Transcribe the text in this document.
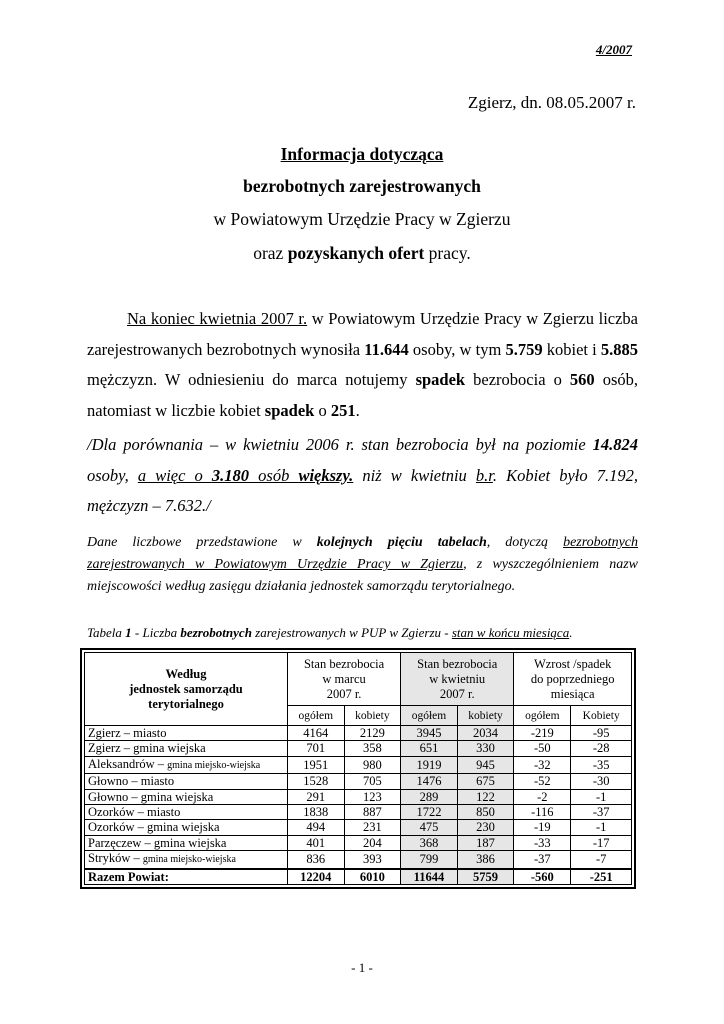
4/2007
Zgierz, dn. 08.05.2007 r.
Informacja dotycząca
bezrobotnych zarejestrowanych
w Powiatowym Urzędzie Pracy w Zgierzu
oraz pozyskanych ofert pracy.
Na koniec kwietnia 2007 r. w Powiatowym Urzędzie Pracy w Zgierzu liczba zarejestrowanych bezrobotnych wynosiła 11.644 osoby, w tym 5.759 kobiet i 5.885 mężczyzn. W odniesieniu do marca notujemy spadek bezrobocia o 560 osób, natomiast w liczbie kobiet spadek o 251.
/Dla porównania – w kwietniu 2006 r. stan bezrobocia był na poziomie 14.824 osoby, a więc o 3.180 osób większy. niż w kwietniu b.r. Kobiet było 7.192, mężczyzn – 7.632./
Dane liczbowe przedstawione w kolejnych pięciu tabelach, dotyczą bezrobotnych zarejestrowanych w Powiatowym Urzędzie Pracy w Zgierzu, z wyszczególnieniem nazw miejscowości według zasięgu działania jednostek samorządu terytorialnego.
Tabela 1 - Liczba bezrobotnych zarejestrowanych w PUP w Zgierzu - stan w końcu miesiąca.
Według
jednostek samorządu
terytorialnego	Stan bezrobocia
w marcu
2007 r.		Stan bezrobocia
w kwietniu
2007 r.		Wzrost /spadek
do poprzedniego
miesiąca	
	ogółem	kobiety	ogółem	kobiety	ogółem	Kobiety
Zgierz – miasto	4164	2129	3945	2034	-219	-95
Zgierz – gmina wiejska	701	358	651	330	-50	-28
Aleksandrów – gmina miejsko-wiejska	1951	980	1919	945	-32	-35
Głowno – miasto	1528	705	1476	675	-52	-30
Głowno – gmina wiejska	291	123	289	122	-2	-1
Ozorków – miasto	1838	887	1722	850	-116	-37
Ozorków – gmina wiejska	494	231	475	230	-19	-1
Parzęczew – gmina wiejska	401	204	368	187	-33	-17
Stryków – gmina miejsko-wiejska	836	393	799	386	-37	-7
Razem Powiat:	12204	6010	11644	5759	-560	-251
- 1 -
